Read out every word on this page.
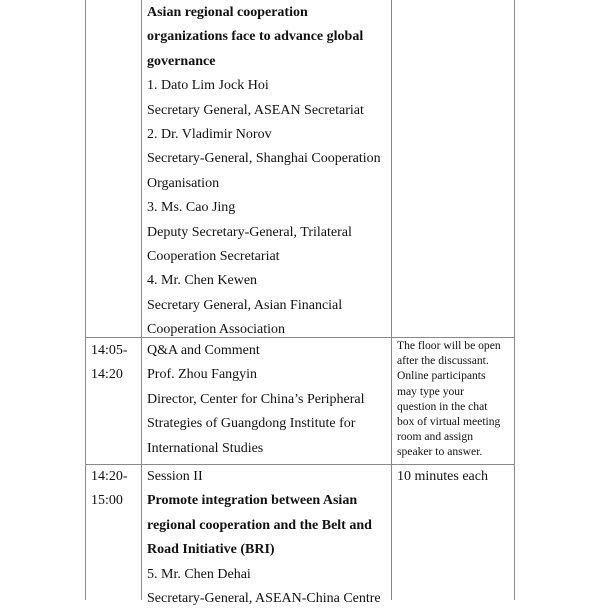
Asian regional cooperation
organizations face to advance global
governance
1. Dato Lim Jock Hoi
Secretary General, ASEAN Secretariat
2. Dr. Vladimir Norov
Secretary-General, Shanghai Cooperation
Organisation
3. Ms. Cao Jing
Deputy Secretary-General, Trilateral
Cooperation Secretariat
4. Mr. Chen Kewen
Secretary General, Asian Financial
Cooperation Association
14:05-
14:20
Q&A and Comment
Prof. Zhou Fangyin
Director, Center for China’s Peripheral
Strategies of Guangdong Institute for
International Studies
The floor will be open
after the discussant.
Online participants
may type your
question in the chat
box of virtual meeting
room and assign
speaker to answer.
14:20-
15:00
Session II
Promote integration between Asian
regional cooperation and the Belt and
Road Initiative (BRI)
5. Mr. Chen Dehai
Secretary-General, ASEAN-China Centre
10 minutes each
